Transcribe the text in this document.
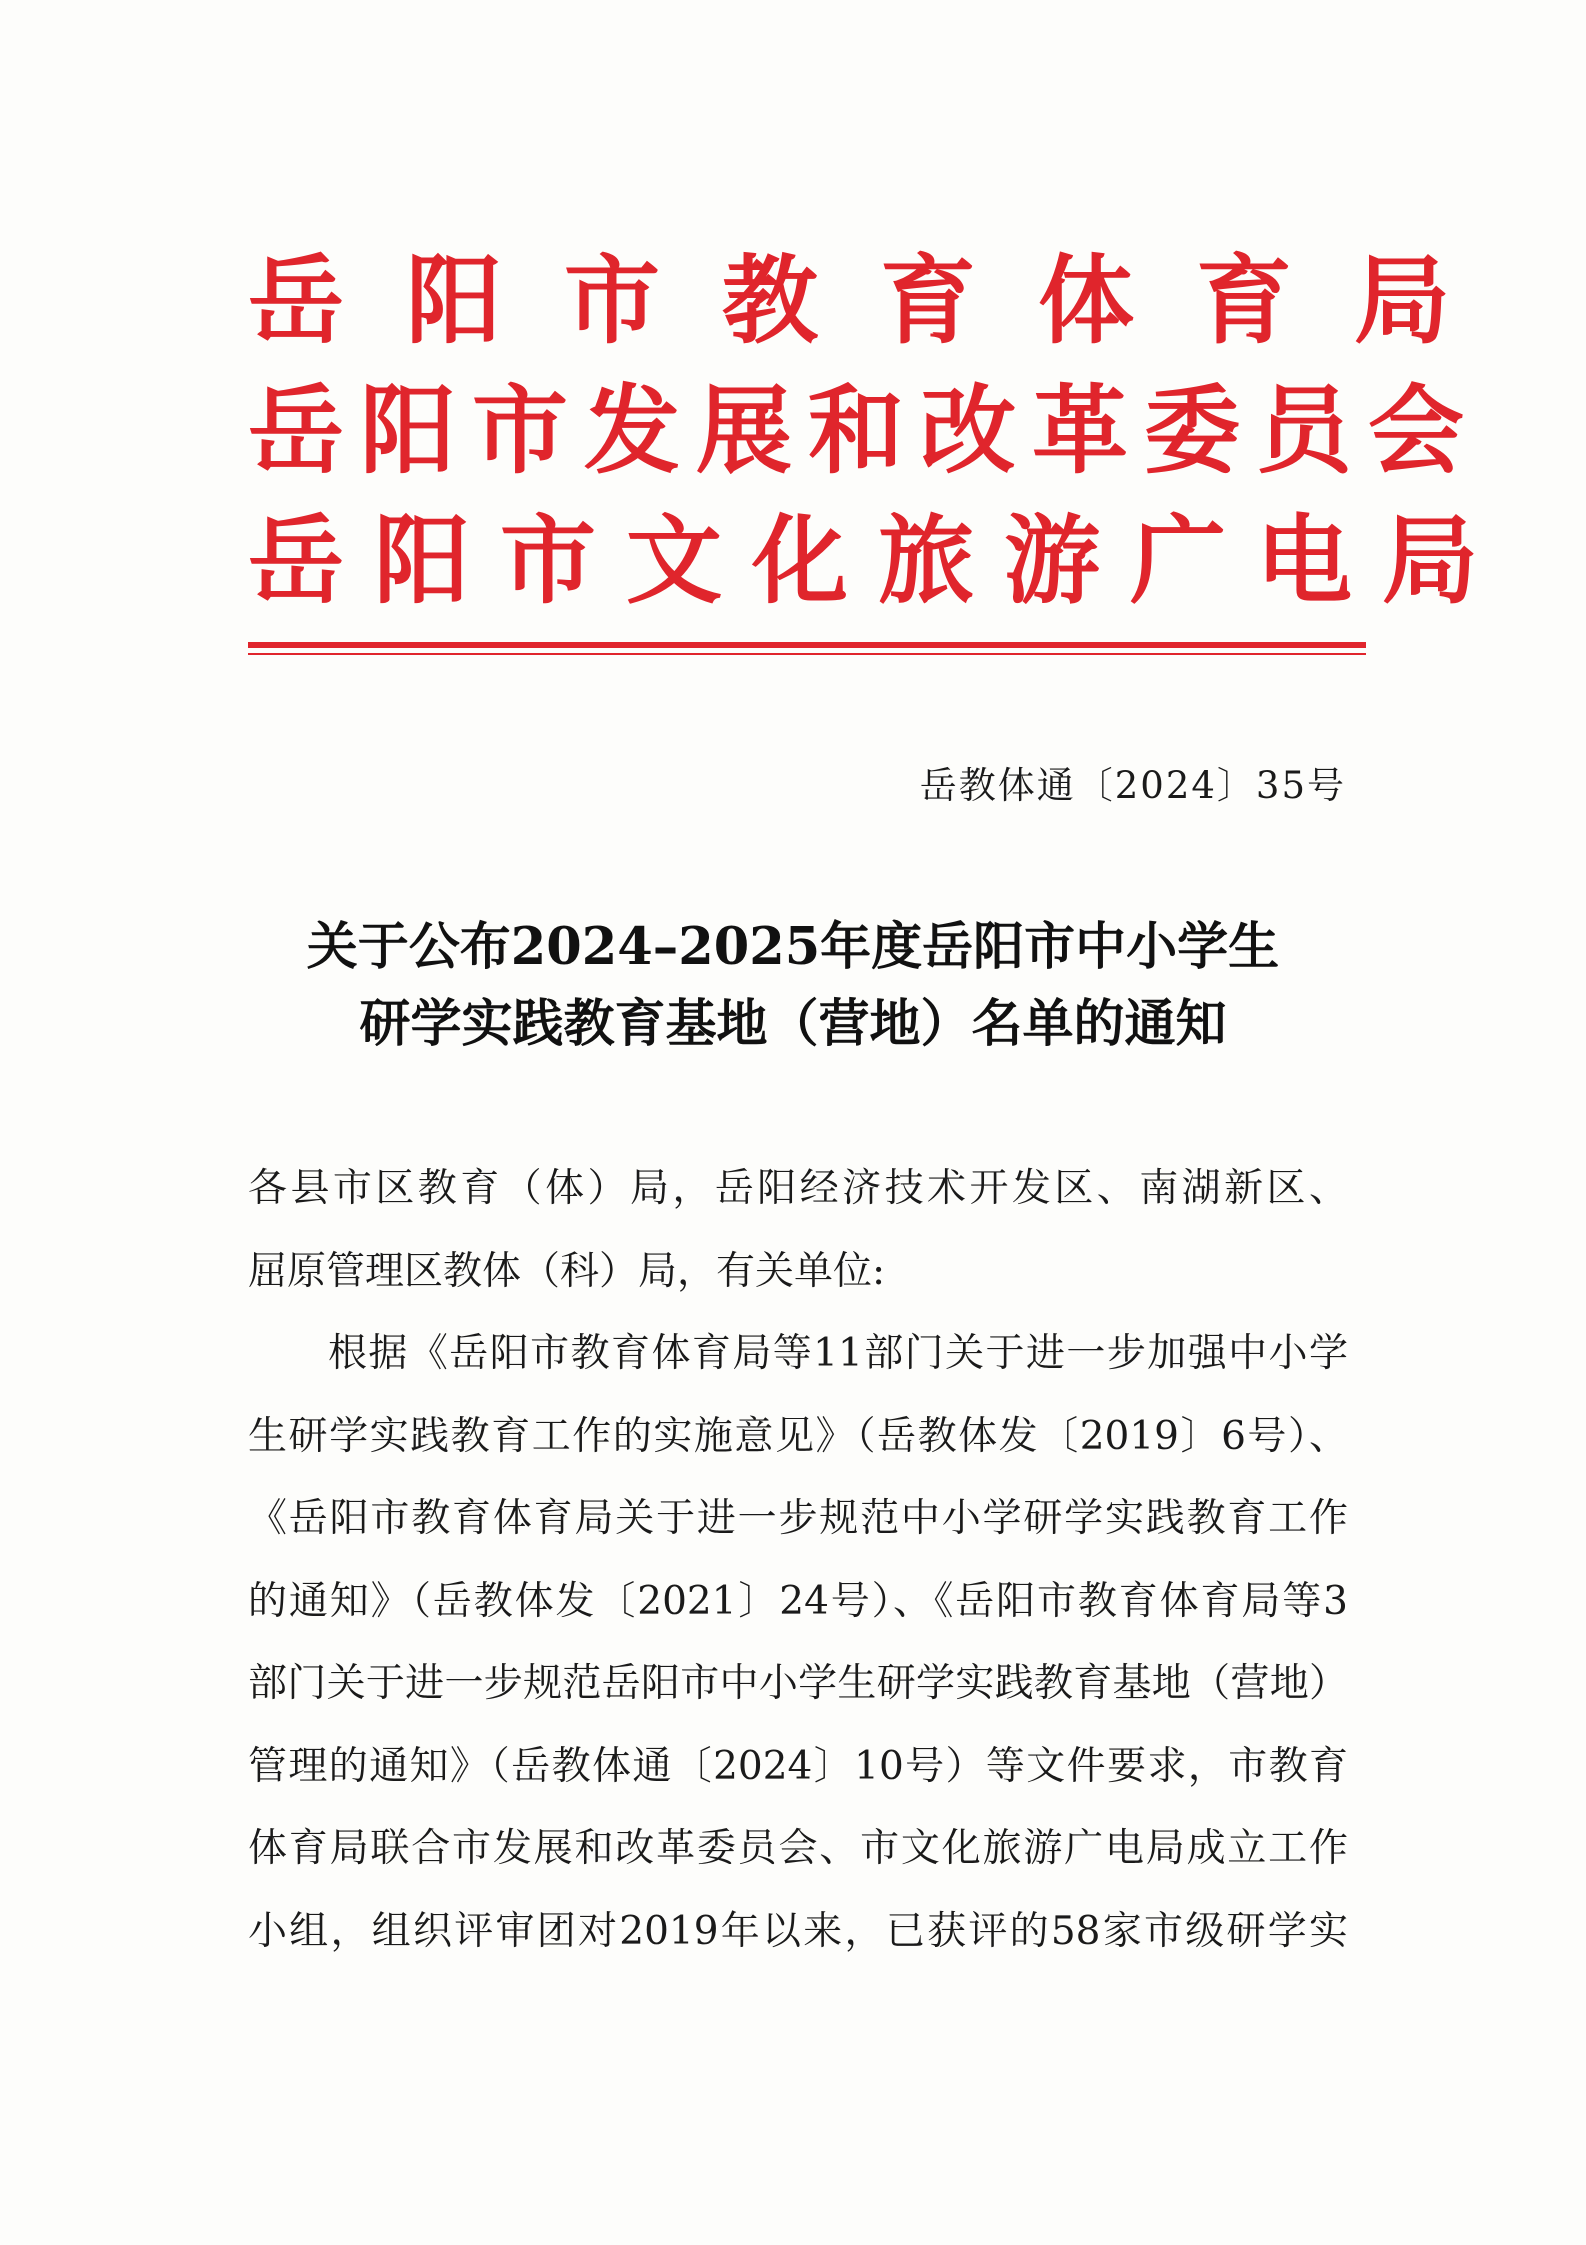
岳阳市教育体育局
岳阳市发展和改革委员会
岳阳市文化旅游广电局
岳教体通〔2024〕35号
关于公布2024–2025年度岳阳市中小学生
研学实践教育基地（营地）名单的通知
各县市区教育（体）局，岳阳经济技术开发区、南湖新区、
屈原管理区教体（科）局，有关单位:
根据《岳阳市教育体育局等11部门关于进一步加强中小学
生研学实践教育工作的实施意见》（岳教体发〔2019〕6号）、
《岳阳市教育体育局关于进一步规范中小学研学实践教育工作
的通知》（岳教体发〔2021〕24号）、《岳阳市教育体育局等3
部门关于进一步规范岳阳市中小学生研学实践教育基地（营地）
管理的通知》（岳教体通〔2024〕10号）等文件要求，市教育
体育局联合市发展和改革委员会、市文化旅游广电局成立工作
小组，组织评审团对2019年以来，已获评的58家市级研学实
